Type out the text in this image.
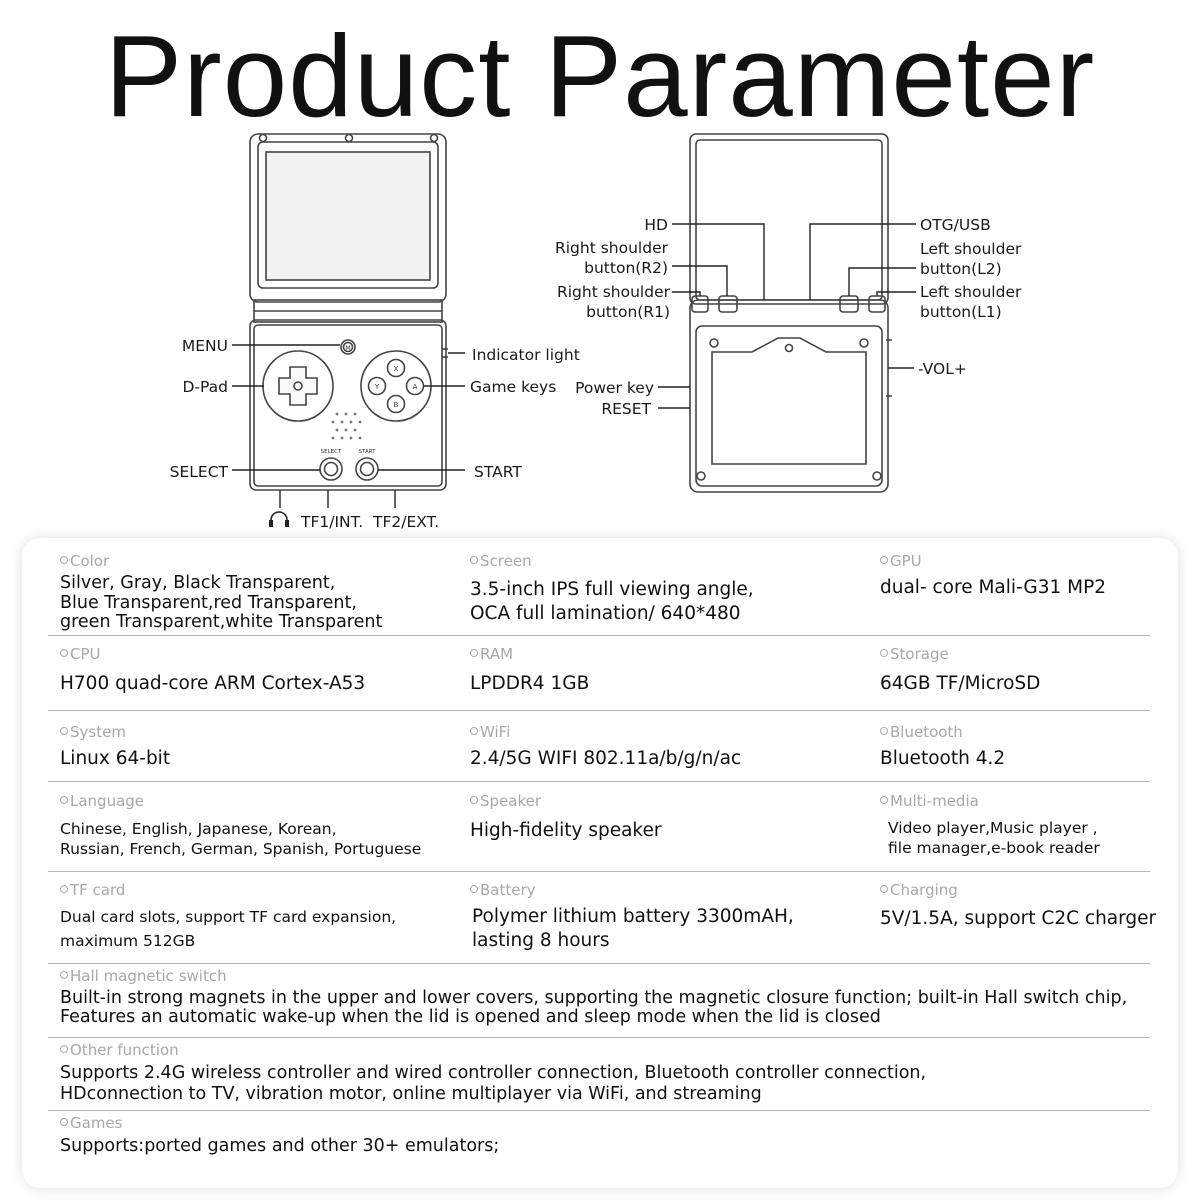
Product Parameter
X
Y	A
B
M
SELECT	START
MENU
D-Pad
SELECT
Indicator light
Game keys
START
TF1/INT. TF2/EXT.
HD
Right shoulder
button(R2)
Right shoulder
button(R1)
Power key
RESET
OTG/USB
Left shoulder
button(L2)
Left shoulder
button(L1)
-VOL+
Color
Silver, Gray, Black Transparent,
Blue Transparent,red Transparent,
green Transparent,white Transparent
Screen
3.5-inch IPS full viewing angle,
OCA full lamination/ 640*480
GPU
dual- core Mali-G31 MP2
CPU
H700 quad-core ARM Cortex-A53
RAM
LPDDR4 1GB
Storage
64GB TF/MicroSD
System
Linux 64-bit
WiFi
2.4/5G WIFI 802.11a/b/g/n/ac
Bluetooth
Bluetooth 4.2
Language
Chinese, English, Japanese, Korean,
Russian, French, German, Spanish, Portuguese
Speaker
High-fidelity speaker
Multi-media
Video player,Music player ,
file manager,e-book reader
TF card
Dual card slots, support TF card expansion,
maximum 512GB
Battery
Polymer lithium battery 3300mAH,
lasting 8 hours
Charging
5V/1.5A, support C2C charger
Hall magnetic switch
Built-in strong magnets in the upper and lower covers, supporting the magnetic closure function; built-in Hall switch chip,
Features an automatic wake-up when the lid is opened and sleep mode when the lid is closed
Other function
Supports 2.4G wireless controller and wired controller connection, Bluetooth controller connection,
HDconnection to TV, vibration motor, online multiplayer via WiFi, and streaming
Games
Supports:ported games and other 30+ emulators;
